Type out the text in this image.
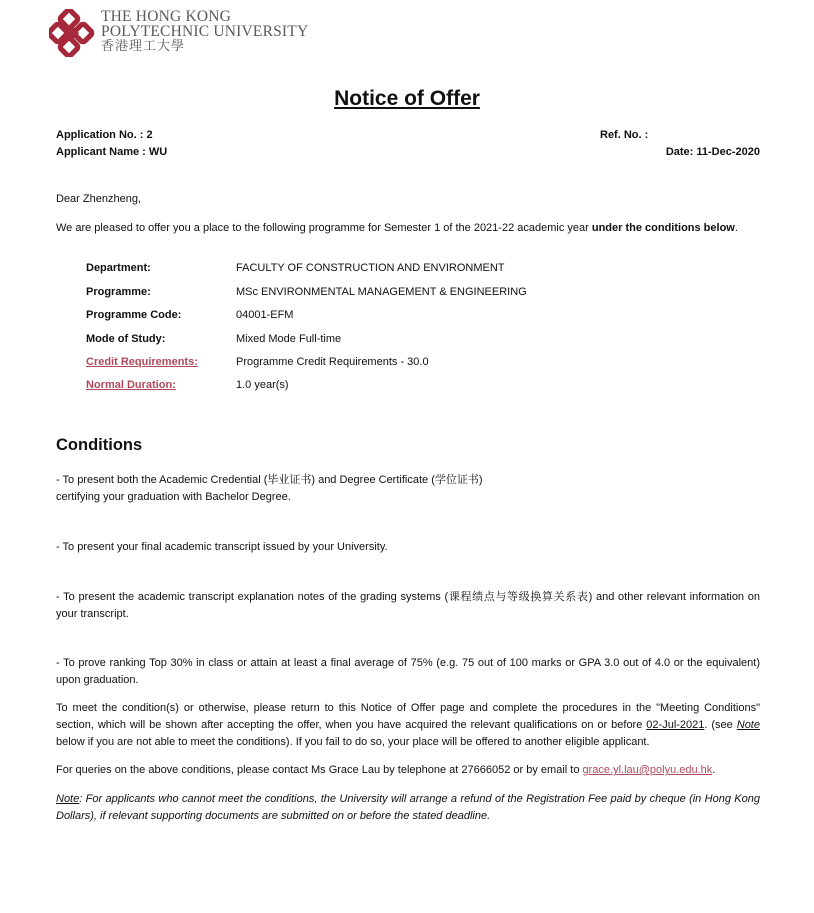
THE HONG KONG
POLYTECHNIC UNIVERSITY
香港理工大學
Notice of Offer
Application No. : 2
Applicant Name : WU
Ref. No. :
Date: 11-Dec-2020
Dear Zhenzheng,
We are pleased to offer you a place to the following programme for Semester 1 of the 2021-22 academic year under the conditions below.
Department:	FACULTY OF CONSTRUCTION AND ENVIRONMENT
Programme:	MSc ENVIRONMENTAL MANAGEMENT & ENGINEERING
Programme Code:	04001-EFM
Mode of Study:	Mixed Mode Full-time
Credit Requirements:	Programme Credit Requirements - 30.0
Normal Duration:	1.0 year(s)
Conditions
- To present both the Academic Credential (毕业证书) and Degree Certificate (学位证书) certifying your graduation with Bachelor Degree.
- To present your final academic transcript issued by your University.
- To present the academic transcript explanation notes of the grading systems (课程绩点与等级换算关系表) and other relevant information on your transcript.
- To prove ranking Top 30% in class or attain at least a final average of 75% (e.g. 75 out of 100 marks or GPA 3.0 out of 4.0 or the equivalent) upon graduation.
To meet the condition(s) or otherwise, please return to this Notice of Offer page and complete the procedures in the "Meeting Conditions" section, which will be shown after accepting the offer, when you have acquired the relevant qualifications on or before 02-Jul-2021. (see Note below if you are not able to meet the conditions). If you fail to do so, your place will be offered to another eligible applicant.
For queries on the above conditions, please contact Ms Grace Lau by telephone at 27666052 or by email to grace.yl.lau@polyu.edu.hk.
Note: For applicants who cannot meet the conditions, the University will arrange a refund of the Registration Fee paid by cheque (in Hong Kong Dollars), if relevant supporting documents are submitted on or before the stated deadline.
